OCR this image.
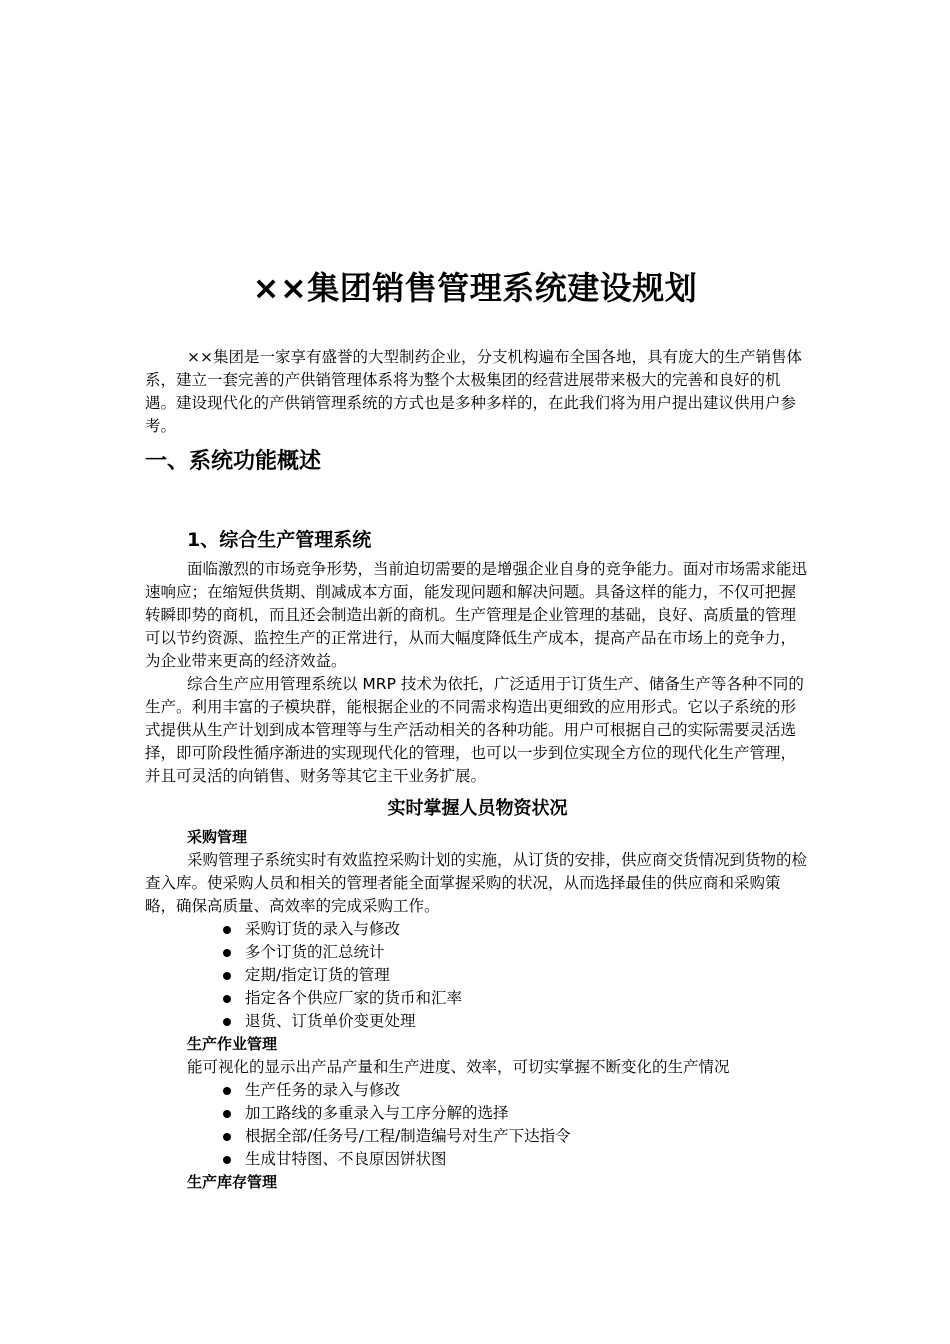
××集团销售管理系统建设规划

××集团是一家享有盛誉的大型制药企业，分支机构遍布全国各地，具有庞大的生产销售体系，建立一套完善的产供销管理体系将为整个太极集团的经营进展带来极大的完善和良好的机遇。建设现代化的产供销管理系统的方式也是多种多样的，在此我们将为用户提出建议供用户参考。

一、系统功能概述
1、综合生产管理系统

面临激烈的市场竞争形势，当前迫切需要的是增强企业自身的竞争能力。面对市场需求能迅速响应；在缩短供货期、削减成本方面，能发现问题和解决问题。具备这样的能力，不仅可把握转瞬即势的商机，而且还会制造出新的商机。生产管理是企业管理的基础，良好、高质量的管理可以节约资源、监控生产的正常进行，从而大幅度降低生产成本，提高产品在市场上的竞争力，为企业带来更高的经济效益。

综合生产应用管理系统以 MRP 技术为依托，广泛适用于订货生产、储备生产等各种不同的生产。利用丰富的子模块群，能根据企业的不同需求构造出更细致的应用形式。它以子系统的形式提供从生产计划到成本管理等与生产活动相关的各种功能。用户可根据自己的实际需要灵活选择，即可阶段性循序渐进的实现现代化的管理，也可以一步到位实现全方位的现代化生产管理，并且可灵活的向销售、财务等其它主干业务扩展。

实时掌握人员物资状况
采购管理

采购管理子系统实时有效监控采购计划的实施，从订货的安排，供应商交货情况到货物的检查入库。使采购人员和相关的管理者能全面掌握采购的状况，从而选择最佳的供应商和采购策略，确保高质量、高效率的完成采购工作。

采购订货的录入与修改
多个订货的汇总统计
定期/指定订货的管理
指定各个供应厂家的货币和汇率
退货、订货单价变更处理
生产作业管理

能可视化的显示出产品产量和生产进度、效率，可切实掌握不断变化的生产情况

生产任务的录入与修改
加工路线的多重录入与工序分解的选择
根据全部/任务号/工程/制造编号对生产下达指令
生成甘特图、不良原因饼状图
生产库存管理
